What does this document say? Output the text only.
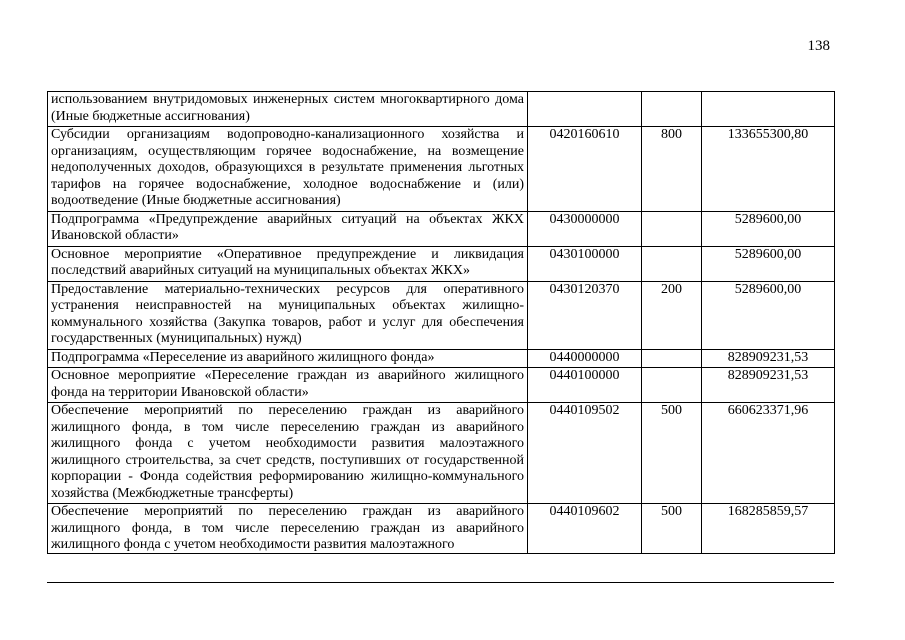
138
использованием внутридомовых инженерных систем многоквартирного дома (Иные бюджетные ассигнования)			
Субсидии организациям водопроводно-канализационного хозяйства и организациям, осуществляющим горячее водоснабжение, на возмещение недополученных доходов, образующихся в результате применения льготных тарифов на горячее водоснабжение, холодное водоснабжение и (или) водоотведение (Иные бюджетные ассигнования)	0420160610	800	133655300,80
Подпрограмма «Предупреждение аварийных ситуаций на объектах ЖКХ Ивановской области»	0430000000		5289600,00
Основное мероприятие «Оперативное предупреждение и ликвидация последствий аварийных ситуаций на муниципальных объектах ЖКХ»	0430100000		5289600,00
Предоставление материально-технических ресурсов для оперативного устранения неисправностей на муниципальных объектах жилищно-коммунального хозяйства (Закупка товаров, работ и услуг для обеспечения государственных (муниципальных) нужд)	0430120370	200	5289600,00
Подпрограмма «Переселение из аварийного жилищного фонда»	0440000000		828909231,53
Основное мероприятие «Переселение граждан из аварийного жилищного фонда на территории Ивановской области»	0440100000		828909231,53
Обеспечение мероприятий по переселению граждан из аварийного жилищного фонда, в том числе переселению граждан из аварийного жилищного фонда с учетом необходимости развития малоэтажного жилищного строительства, за счет средств, поступивших от государственной корпорации - Фонда содействия реформированию жилищно-коммунального хозяйства (Межбюджетные трансферты)	0440109502	500	660623371,96

Обеспечение мероприятий по переселению граждан из аварийного жилищного фонда, в том числе переселению граждан из аварийного жилищного фонда с учетом необходимости развития малоэтажного	0440109602	500	168285859,57
